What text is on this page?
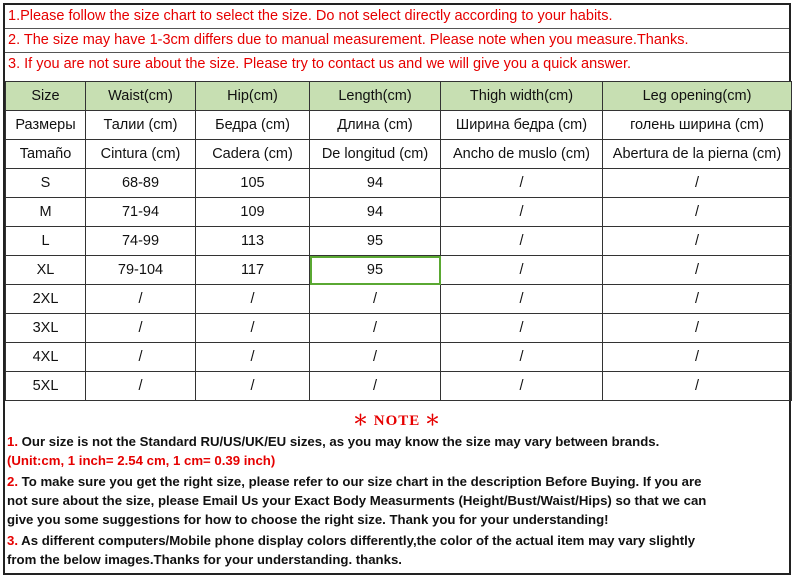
1.Please follow the size chart to select the size. Do not select directly according to your habits.
2. The size may have 1-3cm differs due to manual measurement. Please note when you measure.Thanks.
3. If you are not sure about the size. Please try to contact us and we will give you a quick answer.
Size	Waist(cm)	Hip(cm)	Length(cm)	Thigh width(cm)	Leg opening(cm)
Размеры	Талии (cm)	Бедра (cm)	Длина (cm)	Ширина бедра (cm)	голень ширина (cm)
Tamaño	Cintura (cm)	Cadera (cm)	De longitud (cm)	Ancho de muslo (cm)	Abertura de la pierna (cm)
S	68-89	105	94	/	/
M	71-94	109	94	/	/
L	74-99	113	95	/	/
XL	79-104	117	95	/	/
2XL	/	/	/	/	/
3XL	/	/	/	/	/
4XL	/	/	/	/	/
5XL	/	/	/	/	/
＊ NOTE ＊
1. Our size is not the Standard RU/US/UK/EU sizes, as you may know the size may vary between brands.
(Unit:cm, 1 inch= 2.54 cm, 1 cm= 0.39 inch)
2. To make sure you get the right size, please refer to our size chart in the description Before Buying. If you are
not sure about the size, please Email Us your Exact Body Measurments (Height/Bust/Waist/Hips) so that we can
give you some suggestions for how to choose the right size. Thank you for your understanding!
3. As different computers/Mobile phone display colors differently,the color of the actual item may vary slightly
from the below images.Thanks for your understanding. thanks.
